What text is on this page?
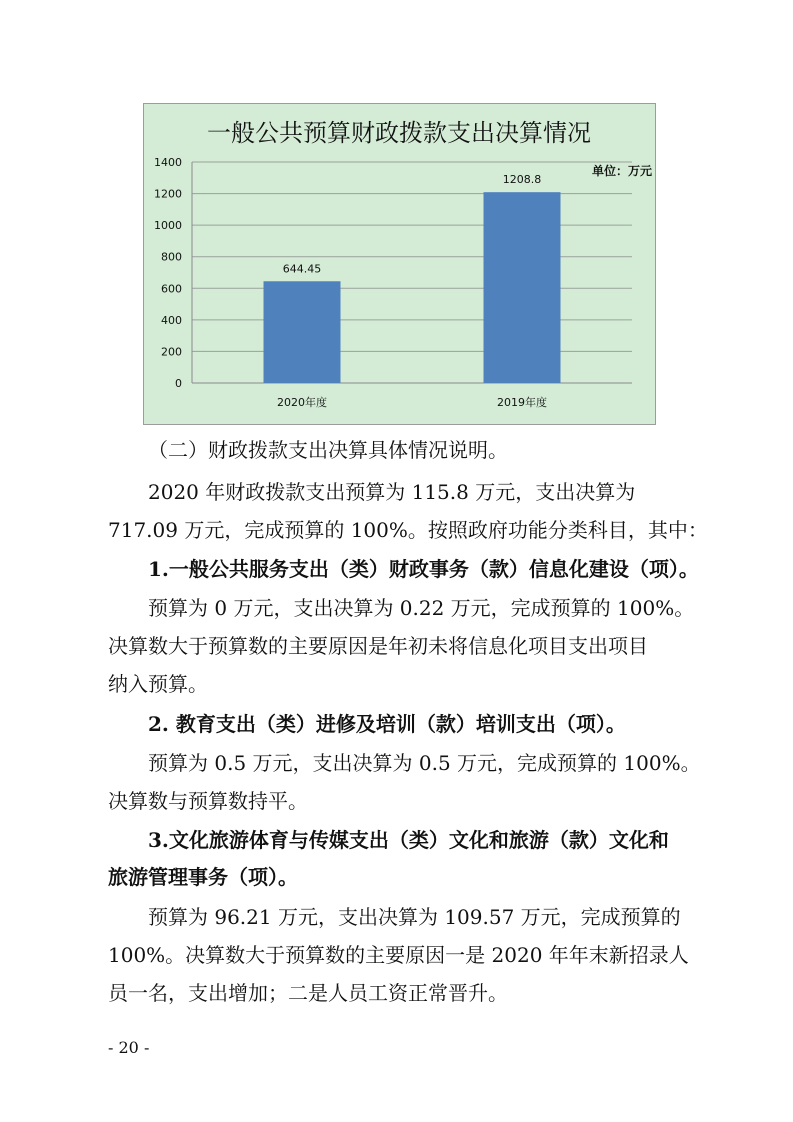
一般公共预算财政拨款支出决算情况
单位：万元
0
200
400
600
800
1000
1200
1400
644.45
1208.8
2020年度	2019年度

（二）财政拨款支出决算具体情况说明。

2020 年财政拨款支出预算为 115.8 万元，支出决算为

717.09 万元，完成预算的 100%。按照政府功能分类科目，其中：

1.一般公共服务支出（类）财政事务（款）信息化建设（项）。

预算为 0 万元，支出决算为 0.22 万元，完成预算的 100%。

决算数大于预算数的主要原因是年初未将信息化项目支出项目

纳入预算。

2. 教育支出（类）进修及培训（款）培训支出（项）。

预算为 0.5 万元，支出决算为 0.5 万元，完成预算的 100%。

决算数与预算数持平。

3.文化旅游体育与传媒支出（类）文化和旅游（款）文化和

旅游管理事务（项）。

预算为 96.21 万元，支出决算为 109.57 万元，完成预算的

100%。决算数大于预算数的主要原因一是 2020 年年末新招录人

员一名，支出增加；二是人员工资正常晋升。

- 20 -
